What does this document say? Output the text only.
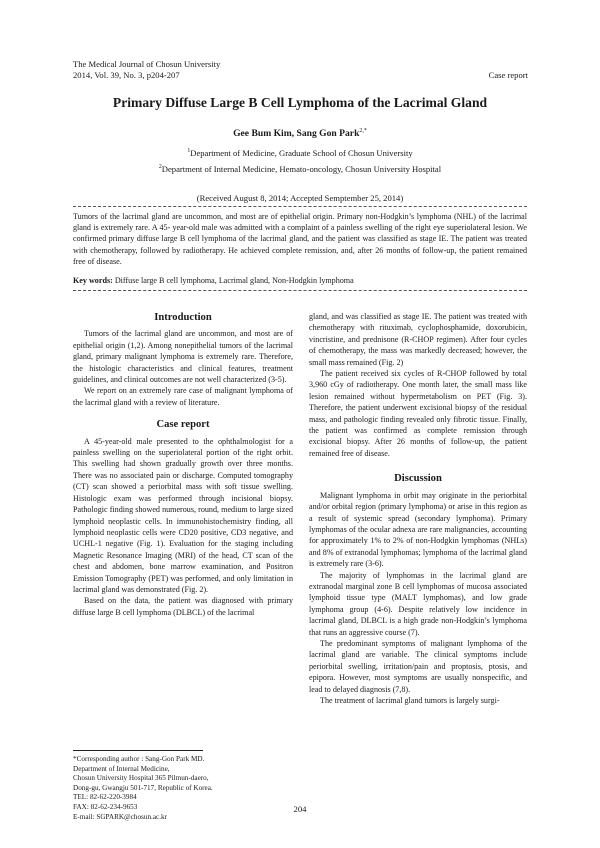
The Medical Journal of Chosun University
2014, Vol. 39, No. 3, p204-207	Case report
Primary Diffuse Large B Cell Lymphoma of the Lacrimal Gland
Gee Bum Kim, Sang Gon Park$^{2,*}$
$^1$Department of Medicine, Graduate School of Chosun University
$^2$Department of Internal Medicine, Hemato-oncology, Chosun University Hospital
(Received August 8, 2014; Accepted Semptember 25, 2014)
Tumors of the lacrimal gland are uncommon, and most are of epithelial origin. Primary non-Hodgkin’s lymphoma (NHL) of the lacrimal gland is extremely rare. A 45- year-old male was admitted with a complaint of a painless swelling of the right eye superiolateral lesion. We confirmed primary diffuse large B cell lymphoma of the lacrimal gland, and the patient was classified as stage IE. The patient was treated with chemotherapy, followed by radiotherapy. He achieved complete remission, and, after 26 months of follow-up, the patient remained free of disease.
Key words: Diffuse large B cell lymphoma, Lacrimal gland, Non-Hodgkin lymphoma
Introduction

Tumors of the lacrimal gland are uncommon, and most are of epithelial origin (1,2). Among nonepithelial tumors of the lacrimal gland, primary malignant lymphoma is extremely rare. Therefore, the histologic characteristics and clinical features, treatment guidelines, and clinical outcomes are not well characterized (3-5).

We report on an extremely rare case of malignant lymphoma of the lacrimal gland with a review of literature.

Case report

A 45-year-old male presented to the ophthalmologist for a painless swelling on the superiolateral portion of the right orbit. This swelling had shown gradually growth over three months. There was no associated pain or discharge. Computed tomography (CT) scan showed a periorbital mass with soft tissue swelling. Histologic exam was performed through incisional biopsy. Pathologic finding showed numerous, round, medium to large sized lymphoid neoplastic cells. In immunohistochemistry finding, all lymphoid neoplastic cells were CD20 positive, CD3 negative, and UCHL-1 negative (Fig. 1). Evaluation for the staging including Magnetic Resonance Imaging (MRI) of the head, CT scan of the chest and abdomen, bone marrow examination, and Positron Emission Tomography (PET) was performed, and only limitation in lacrimal gland was demonstrated (Fig. 2).

Based on the data, the patient was diagnosed with primary diffuse large B cell lymphoma (DLBCL) of the lacrimal

gland, and was classified as stage IE. The patient was treated with chemotherapy with rituximab, cyclophosphamide, doxorubicin, vincristine, and prednisone (R-CHOP regimen). After four cycles of chemotherapy, the mass was markedly decreased; however, the small mass remained (Fig. 2)

The patient received six cycles of R-CHOP followed by total 3,960 cGy of radiotherapy. One month later, the small mass like lesion remained without hypermetabolism on PET (Fig. 3). Therefore, the patient underwent excisional biopsy of the residual mass, and pathologic finding revealed only fibrotic tissue. Finally, the patient was confirmed as complete remission through excisional biopsy. After 26 months of follow-up, the patient remained free of disease.

Discussion

Malignant lymphoma in orbit may originate in the periorbital and/or orbital region (primary lymphoma) or arise in this region as a result of systemic spread (secondary lymphoma). Primary lymphomas of the ocular adnexa are rare malignancies, accounting for approximately 1% to 2% of non-Hodgkin lymphomas (NHLs) and 8% of extranodal lymphomas; lymphoma of the lacrimal gland is extremely rare (3-6).

The majority of lymphomas in the lacrimal gland are extranodal marginal zone B cell lymphomas of mucosa associated lymphoid tissue type (MALT lymphomas), and low grade lymphoma group (4-6). Despite relatively low incidence in lacrimal gland, DLBCL is a high grade non-Hodgkin’s lymphoma that runs an aggressive course (7).

The predominant symptoms of malignant lymphoma of the lacrimal gland are variable. The clinical symptoms include periorbital swelling, irritation/pain and proptosis, ptosis, and epipora. However, most symptoms are usually nonspecific, and lead to delayed diagnosis (7,8).

The treatment of lacrimal gland tumors is largely surgi-

*Corresponding author : Sang-Gon Park MD.
Department of Internal Medicine,
Chosun University Hospital 365 Pilmun-daero,
Dong-gu, Gwangju 501-717, Republic of Korea.
TEL: 82-62-220-3984
FAX: 82-62-234-9653
E-mail: SGPARK@chosun.ac.kr
204
